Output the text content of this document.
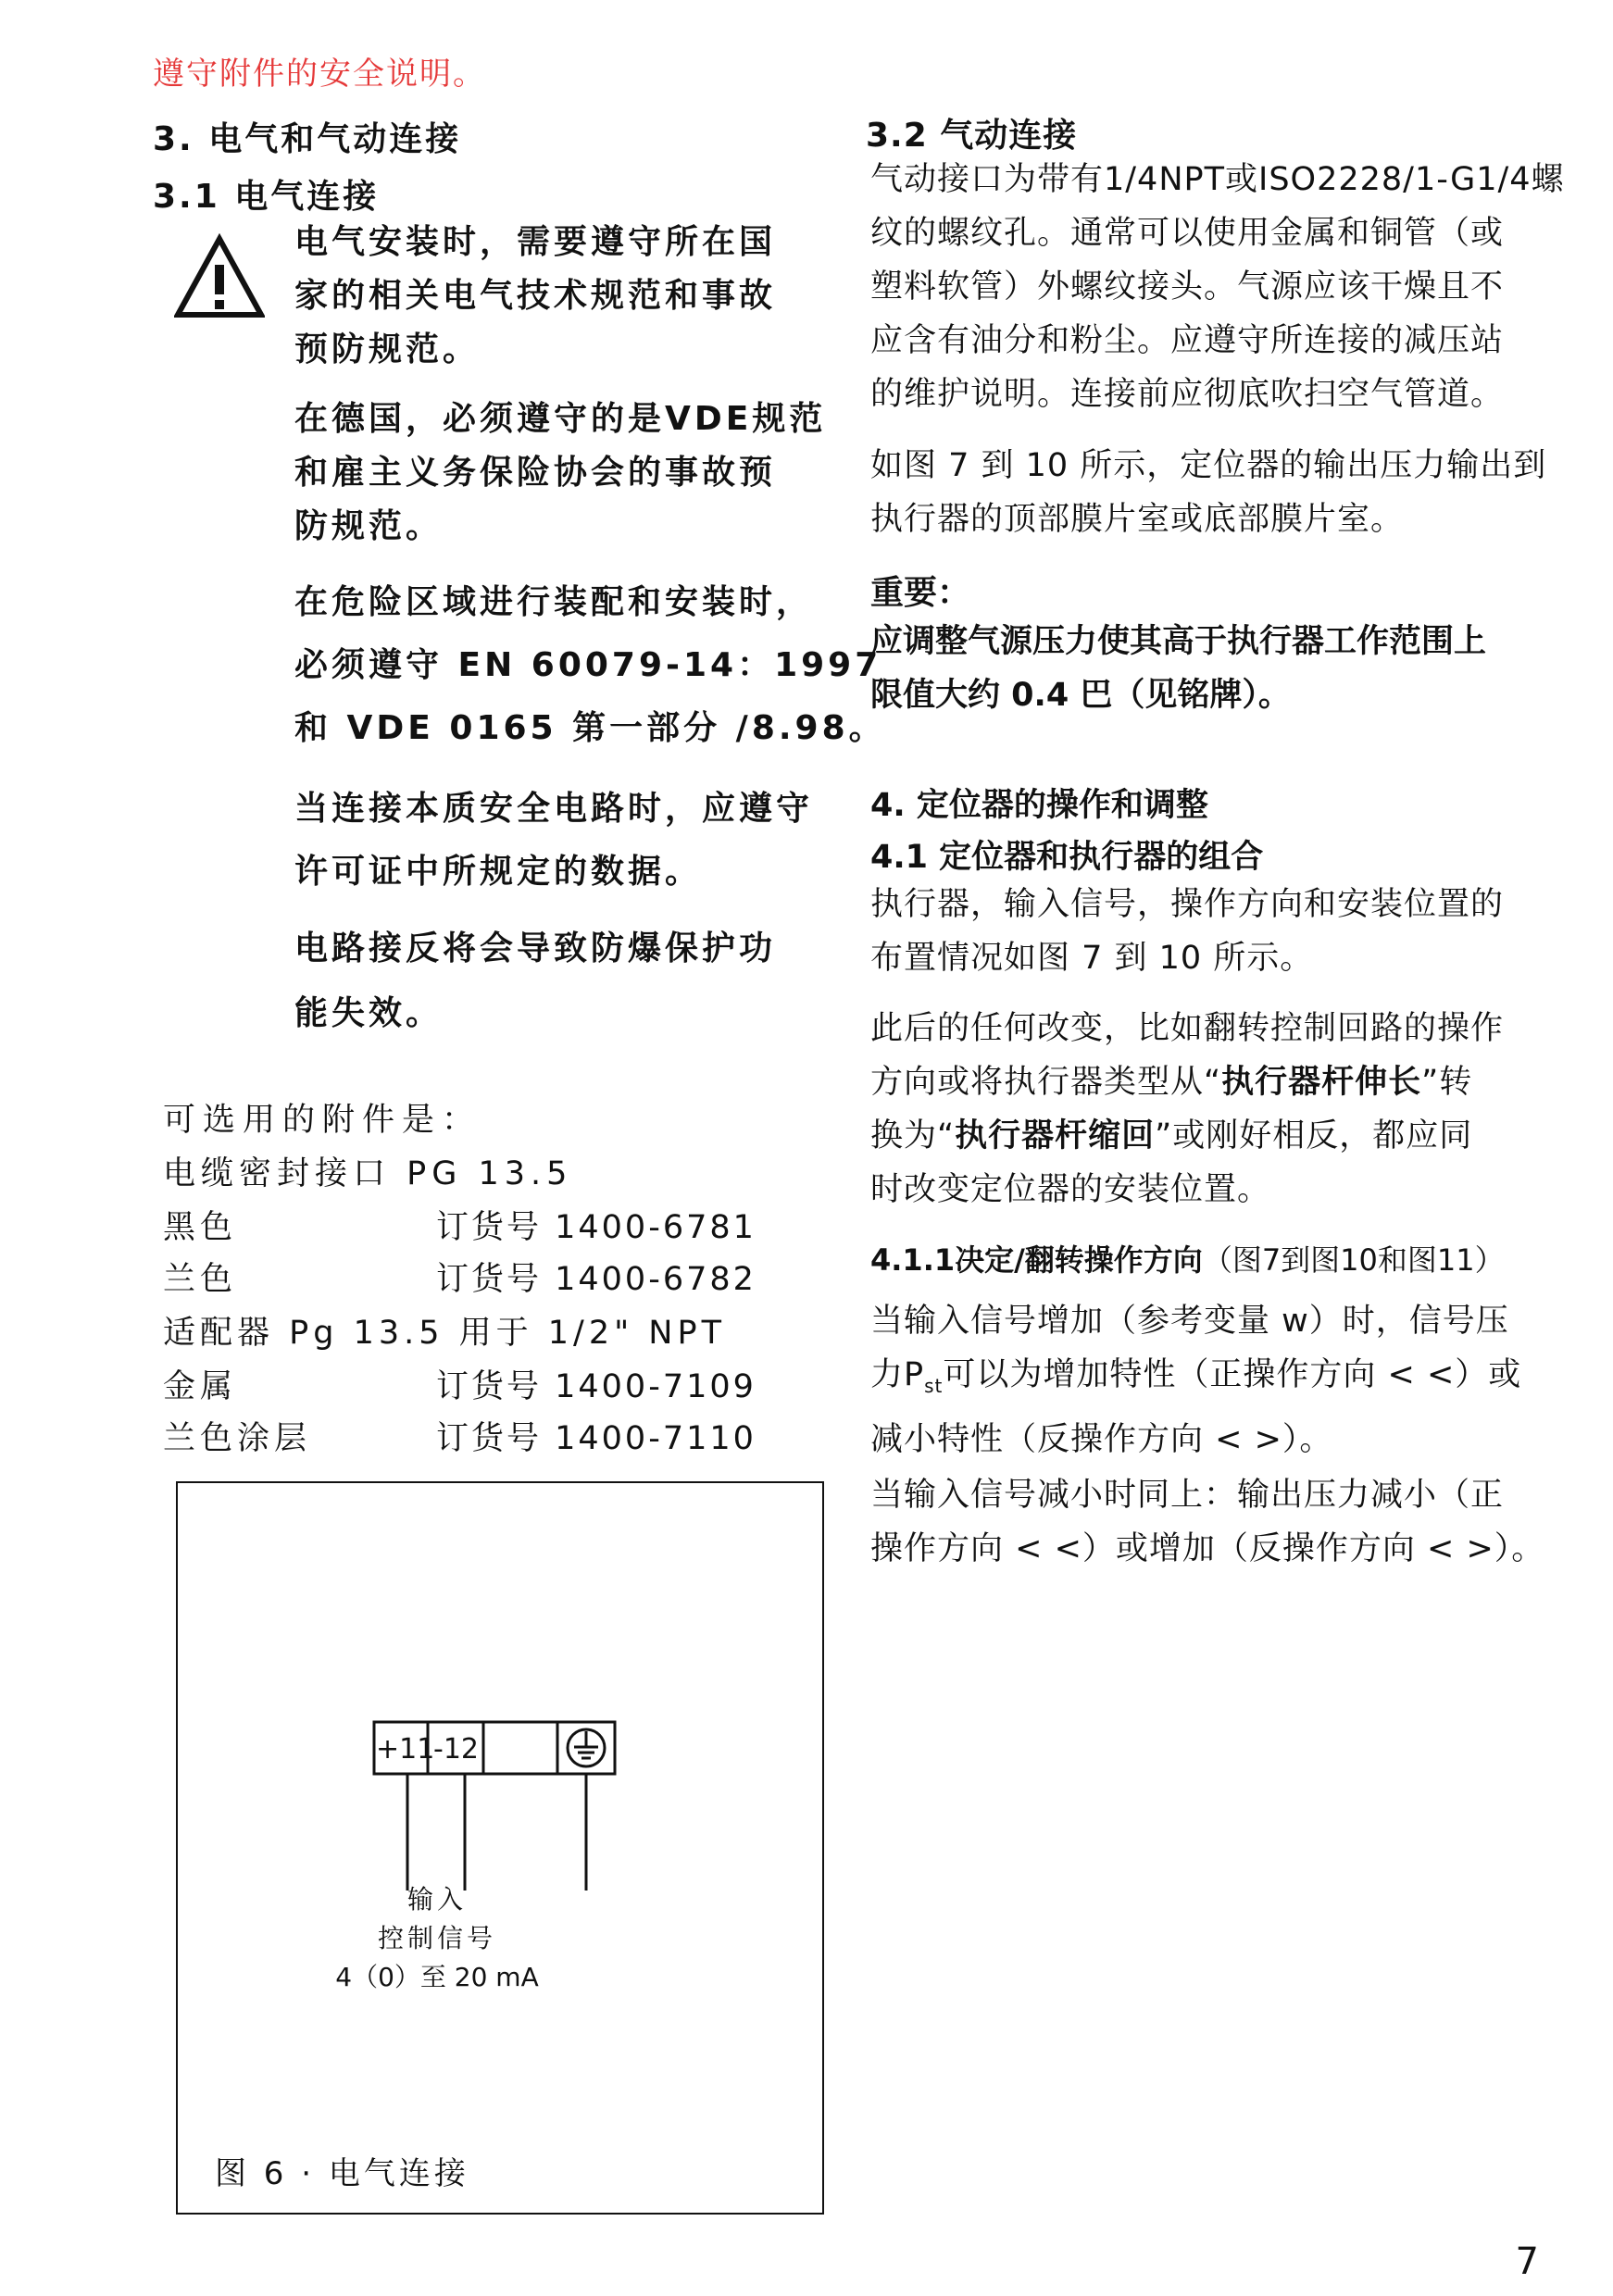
遵守附件的安全说明。
3. 电气和气动连接
3.1 电气连接
电气安装时，需要遵守所在国
家的相关电气技术规范和事故
预防规范。
在德国，必须遵守的是VDE规范
和雇主义务保险协会的事故预
防规范。
在危险区域进行装配和安装时，
必须遵守 EN 60079-14：1997
和 VDE 0165 第一部分 /8.98。
当连接本质安全电路时，应遵守
许可证中所规定的数据。
电路接反将会导致防爆保护功
能失效。
可选用的附件是：
电缆密封接口 PG 13.5
黑色	订货号 1400-6781
兰色	订货号 1400-6782
适配器 Pg 13.5 用于 1/2" NPT
金属	订货号 1400-7109
兰色涂层	订货号 1400-7110
+11
-12
输入
控制信号
4（0）至 20 mA
图 6 · 电气连接
3.2 气动连接
气动接口为带有1/4NPT或ISO2228/1-G1/4螺
纹的螺纹孔。通常可以使用金属和铜管（或
塑料软管）外螺纹接头。气源应该干燥且不
应含有油分和粉尘。应遵守所连接的减压站
的维护说明。连接前应彻底吹扫空气管道。
如图 7 到 10 所示，定位器的输出压力输出到
执行器的顶部膜片室或底部膜片室。
重要：
应调整气源压力使其高于执行器工作范围上
限值大约 0.4 巴（见铭牌）。
4. 定位器的操作和调整
4.1 定位器和执行器的组合
执行器，输入信号，操作方向和安装位置的
布置情况如图 7 到 10 所示。
此后的任何改变，比如翻转控制回路的操作
方向或将执行器类型从“执行器杆伸长”转
换为“执行器杆缩回”或刚好相反，都应同
时改变定位器的安装位置。
4.1.1决定/翻转操作方向（图7到图10和图11）
当输入信号增加（参考变量 w）时，信号压
力$P_{st}$可以为增加特性（正操作方向 < <）或
减小特性（反操作方向 < >）。
当输入信号减小时同上：输出压力减小（正
操作方向 < <）或增加（反操作方向 < >）。
7
